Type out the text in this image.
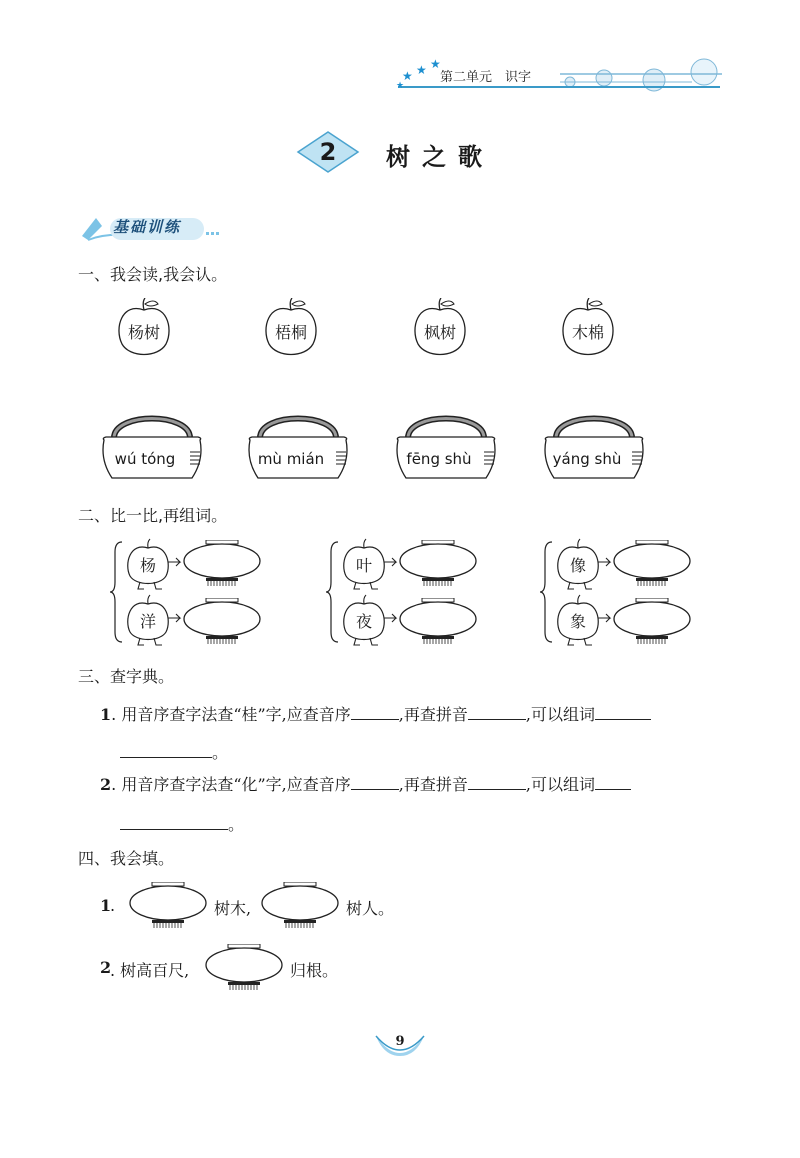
★ ★ ★
★
第二单元　识字
2	树之歌
基础训练
一、我会读,我会认。
杨树	梧桐	枫树	木棉
wú tóng	mù mián	fēng shù	yáng shù
二、比一比,再组词。
杨
洋
叶
夜
像
象
三、查字典。
1. 用音序查字法查“桂”字,应查音序	,再查拼音	,可以组词
。
2. 用音序查字法查“化”字,应查音序	,再查拼音	,可以组词
。
四、我会填。
1
.	树木,	树人。
2
. 树高百尺,	归根。
9
